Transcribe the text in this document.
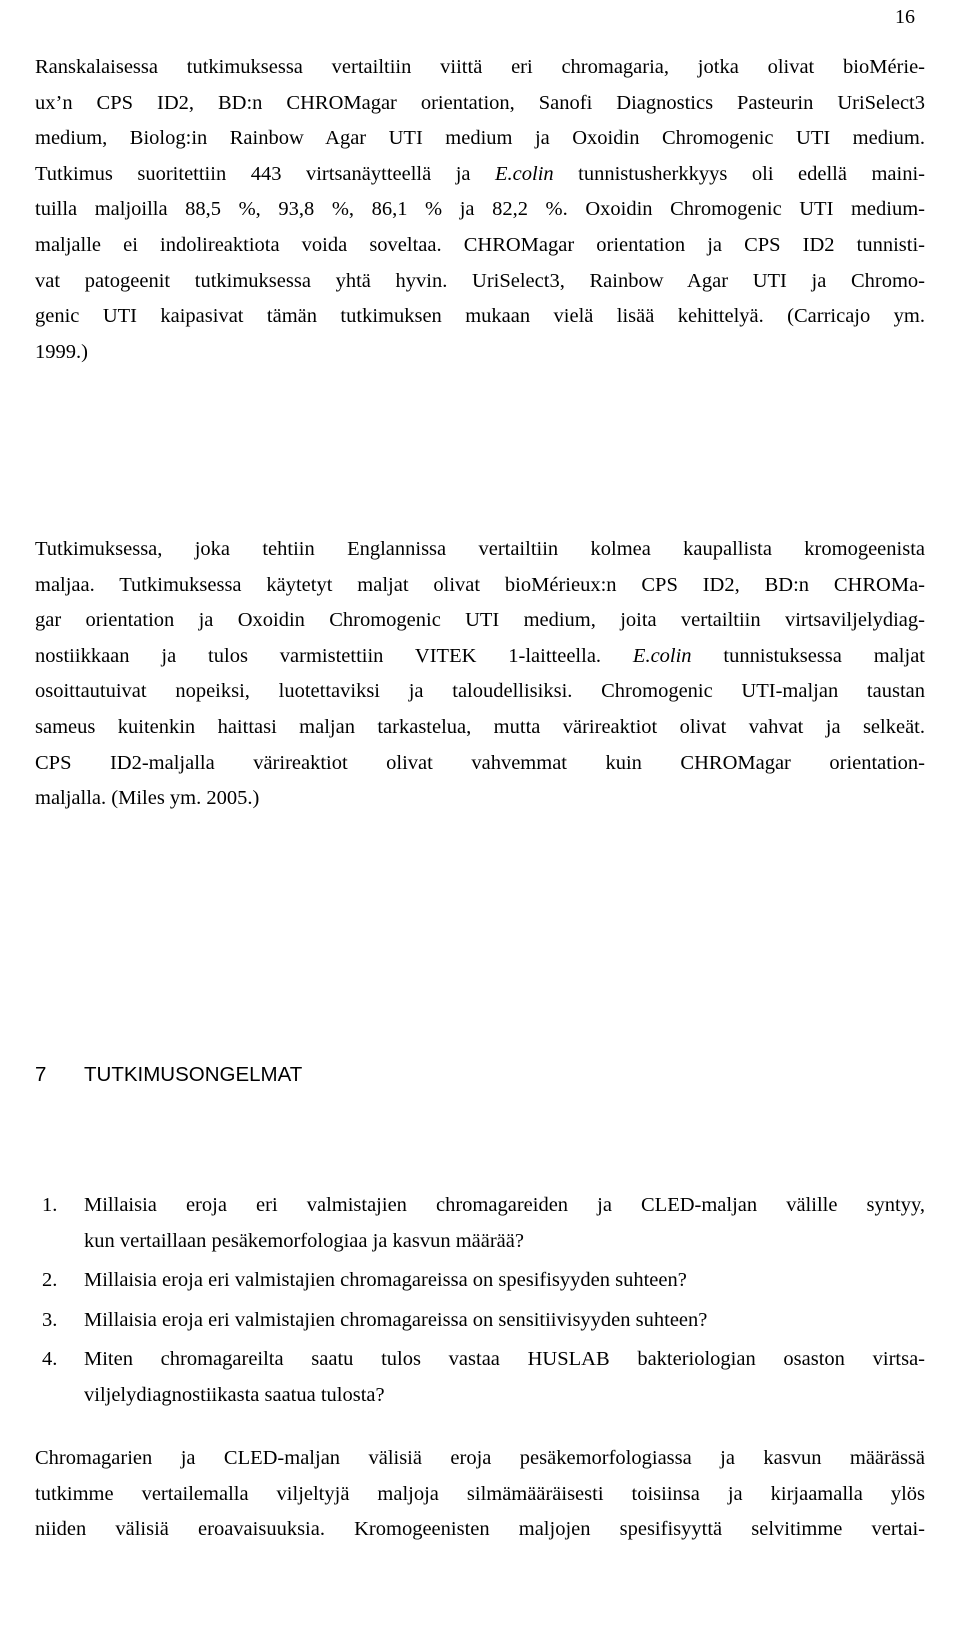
16
Ranskalaisessa tutkimuksessa vertailtiin viittä eri chromagaria, jotka olivat bioMérie-
ux’n CPS ID2, BD:n CHROMagar orientation, Sanofi Diagnostics Pasteurin UriSelect3
medium, Biolog:in Rainbow Agar UTI medium ja Oxoidin Chromogenic UTI medium.
Tutkimus suoritettiin 443 virtsanäytteellä ja E.colin tunnistusherkkyys oli edellä maini-
tuilla maljoilla 88,5 %, 93,8 %, 86,1 % ja 82,2 %. Oxoidin Chromogenic UTI medium-
maljalle ei indolireaktiota voida soveltaa. CHROMagar orientation ja CPS ID2 tunnisti-
vat patogeenit tutkimuksessa yhtä hyvin. UriSelect3, Rainbow Agar UTI ja Chromo-
genic UTI kaipasivat tämän tutkimuksen mukaan vielä lisää kehittelyä. (Carricajo ym.
1999.)
Tutkimuksessa, joka tehtiin Englannissa vertailtiin kolmea kaupallista kromogeenista
maljaa. Tutkimuksessa käytetyt maljat olivat bioMérieux:n CPS ID2, BD:n CHROMa-
gar orientation ja Oxoidin Chromogenic UTI medium, joita vertailtiin virtsaviljelydiag-
nostiikkaan ja tulos varmistettiin VITEK 1-laitteella. E.colin tunnistuksessa maljat
osoittautuivat nopeiksi, luotettaviksi ja taloudellisiksi. Chromogenic UTI-maljan taustan
sameus kuitenkin haittasi maljan tarkastelua, mutta värireaktiot olivat vahvat ja selkeät.
CPS ID2-maljalla värireaktiot olivat vahvemmat kuin CHROMagar orientation-
maljalla. (Miles ym. 2005.)
7 TUTKIMUSONGELMAT
1. Millaisia eroja eri valmistajien chromagareiden ja CLED-maljan välille syntyy,
kun vertaillaan pesäkemorfologiaa ja kasvun määrää?
2. Millaisia eroja eri valmistajien chromagareissa on spesifisyyden suhteen?
3. Millaisia eroja eri valmistajien chromagareissa on sensitiivisyyden suhteen?
4. Miten chromagareilta saatu tulos vastaa HUSLAB bakteriologian osaston virtsa-
viljelydiagnostiikasta saatua tulosta?
Chromagarien ja CLED-maljan välisiä eroja pesäkemorfologiassa ja kasvun määrässä
tutkimme vertailemalla viljeltyjä maljoja silmämääräisesti toisiinsa ja kirjaamalla ylös
niiden välisiä eroavaisuuksia. Kromogeenisten maljojen spesifisyyttä selvitimme vertai-
